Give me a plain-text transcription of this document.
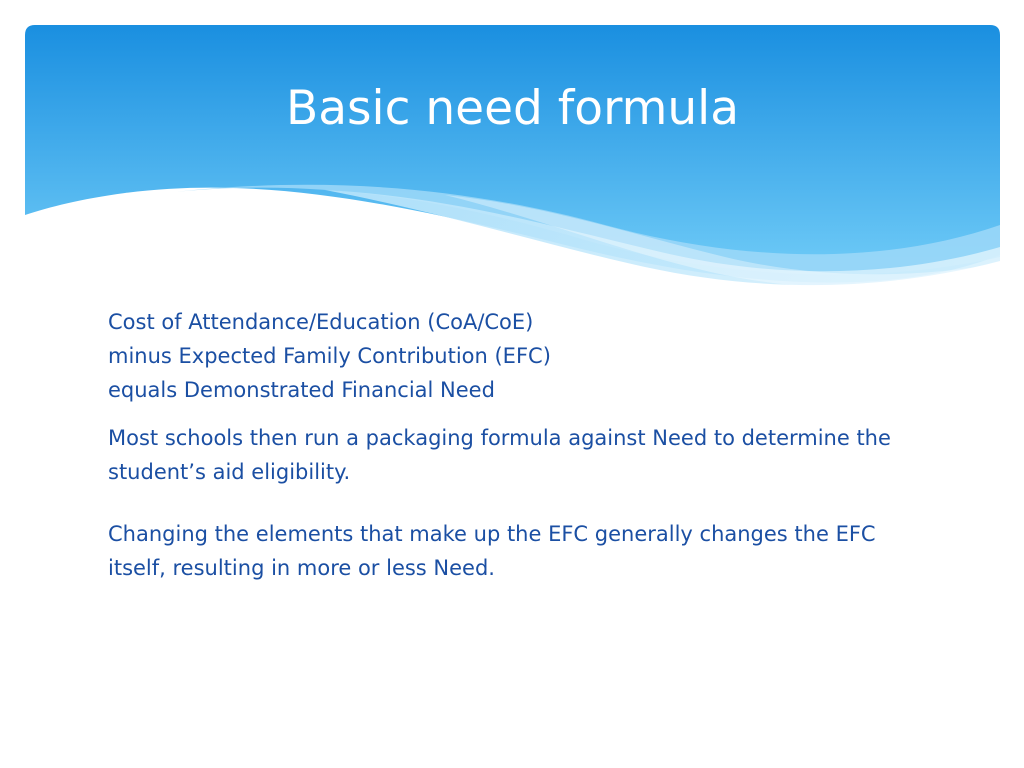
Basic need formula
Cost of Attendance/Education (CoA/CoE)
minus Expected Family Contribution (EFC)
equals Demonstrated Financial Need
Most schools then run a packaging formula against Need to determine the student’s aid eligibility.
Changing the elements that make up the EFC generally changes the EFC itself, resulting in more or less Need.
